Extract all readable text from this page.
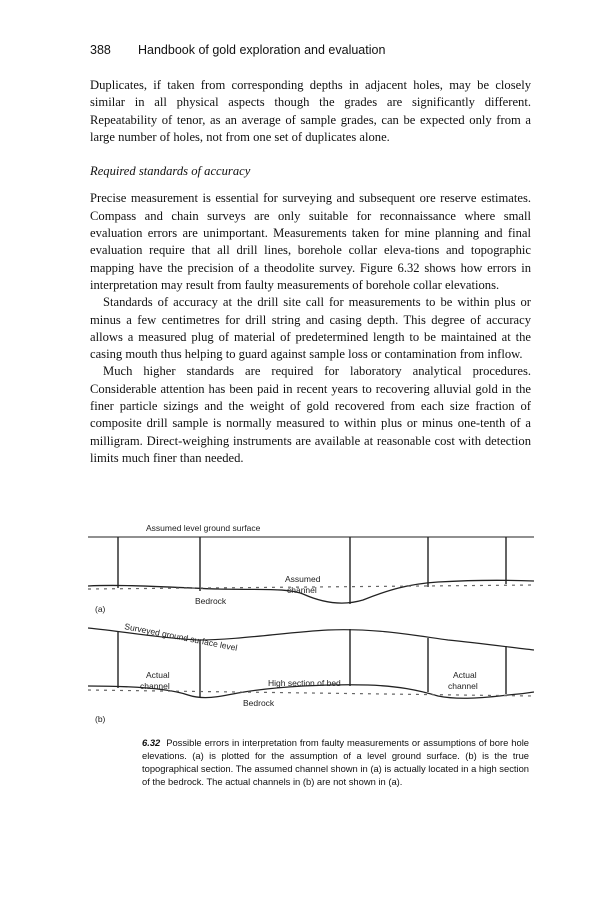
388 Handbook of gold exploration and evaluation

Duplicates, if taken from corresponding depths in adjacent holes, may be closely similar in all physical aspects though the grades are significantly different. Repeatability of tenor, as an average of sample grades, can be expected only from a large number of holes, not from one set of duplicates alone.

Required standards of accuracy

Precise measurement is essential for surveying and subsequent ore reserve estimates. Compass and chain surveys are only suitable for reconnaissance where small evaluation errors are unimportant. Measurements taken for mine planning and final evaluation require that all drill lines, borehole collar eleva-tions and topographic mapping have the precision of a theodolite survey. Figure 6.32 shows how errors in interpretation may result from faulty measurements of borehole collar elevations.

Standards of accuracy at the drill site call for measurements to be within plus or minus a few centimetres for drill string and casing depth. This degree of accuracy allows a measured plug of material of predetermined length to be maintained at the casing mouth thus helping to guard against sample loss or contamination from inflow.

Much higher standards are required for laboratory analytical procedures. Considerable attention has been paid in recent years to recovering alluvial gold in the finer particle sizings and the weight of gold recovered from each size fraction of composite drill sample is normally measured to within plus or minus one-tenth of a milligram. Direct-weighing instruments are available at reasonable cost with detection limits much finer than needed.

Assumed level ground surface
Bedrock
Assumed
channel
(a)
Surveyed ground surface level
Actual
channel	High section of bed
Actual
channel
Bedrock
(b)
6.32 Possible errors in interpretation from faulty measurements or assumptions of bore hole elevations. (a) is plotted for the assumption of a level ground surface. (b) is the true topographical section. The assumed channel shown in (a) is actually located in a high section of the bedrock. The actual channels in (b) are not shown in (a).
